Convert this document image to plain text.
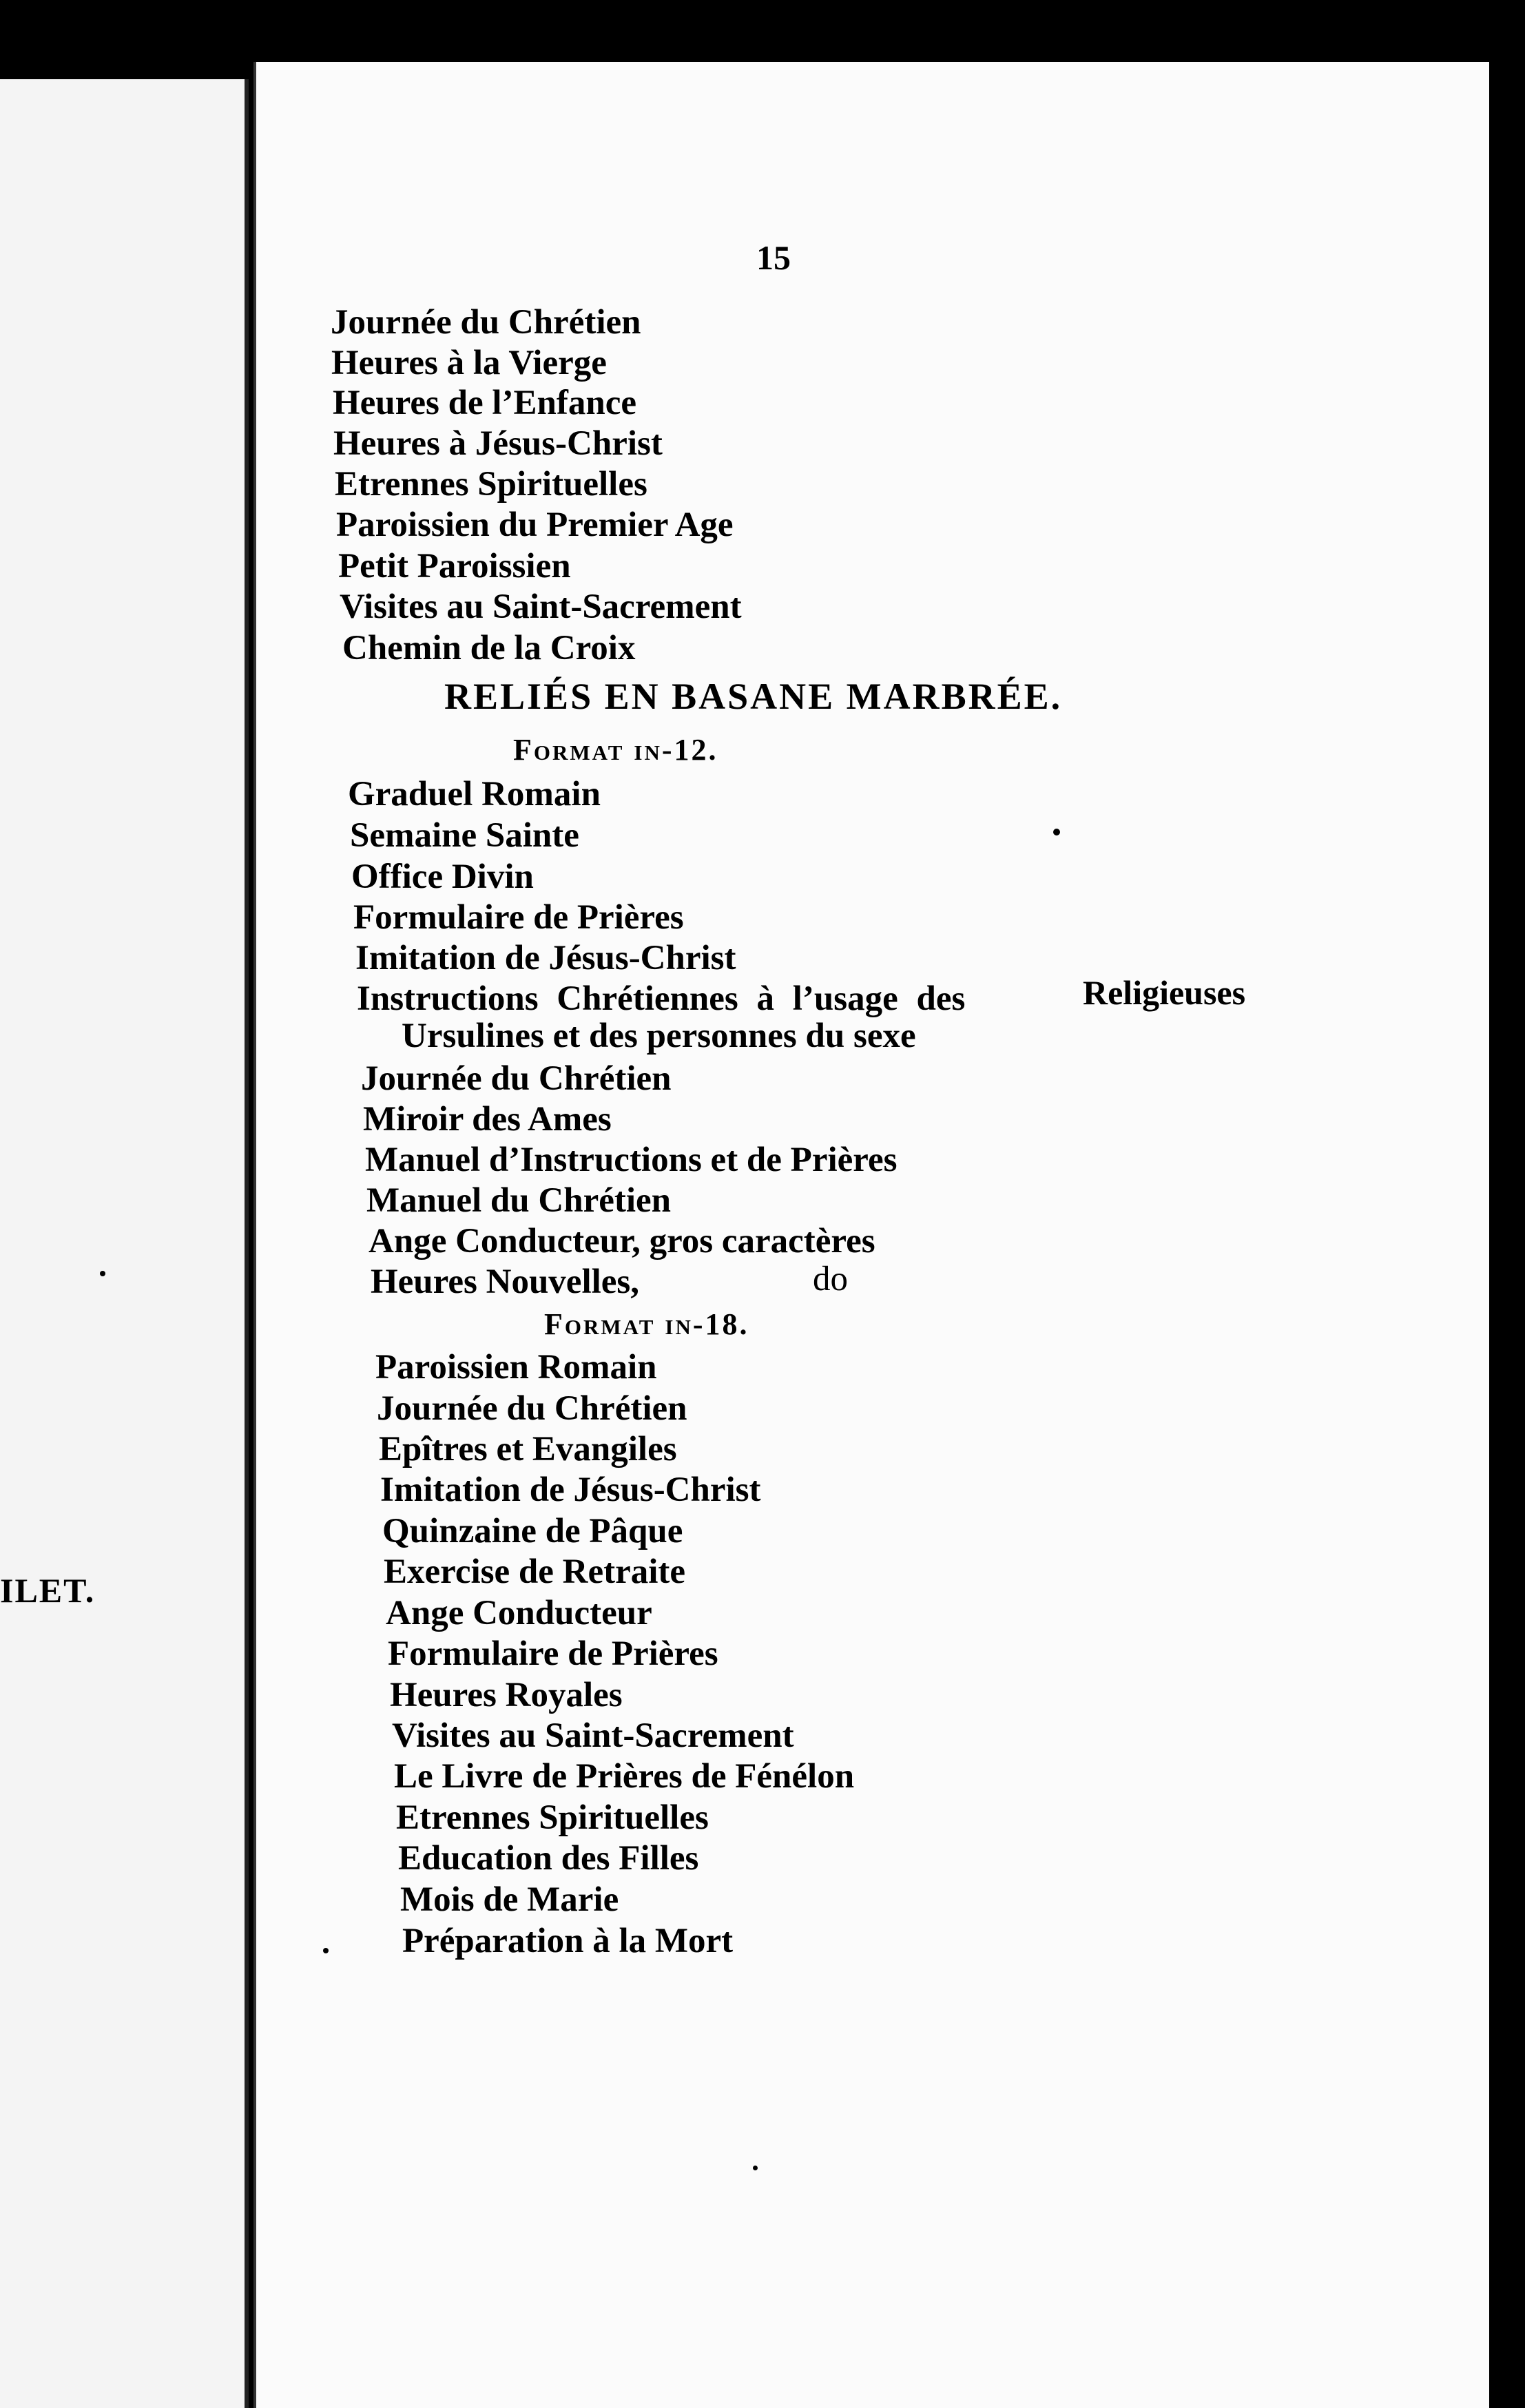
ILET.
15
Journée du Chrétien
Heures à la Vierge
Heures de l’Enfance
Heures à Jésus-Christ
Etrennes Spirituelles
Paroissien du Premier Age
Petit Paroissien
Visites au Saint-Sacrement
Chemin de la Croix
RELIÉS EN BASANE MARBRÉE.
Format in-12.
Graduel Romain
Semaine Sainte
Office Divin
Formulaire de Prières
Imitation de Jésus-Christ
Instructions Chrétiennes à l’usage des	Religieuses
Ursulines et des personnes du sexe
Journée du Chrétien
Miroir des Ames
Manuel d’Instructions et de Prières
Manuel du Chrétien
Ange Conducteur, gros caractères
Heures Nouvelles,	do
Format in-18.
Paroissien Romain
Journée du Chrétien
Epîtres et Evangiles
Imitation de Jésus-Christ
Quinzaine de Pâque
Exercise de Retraite
Ange Conducteur
Formulaire de Prières
Heures Royales
Visites au Saint-Sacrement
Le Livre de Prières de Fénélon
Etrennes Spirituelles
Education des Filles
Mois de Marie
Préparation à la Mort
